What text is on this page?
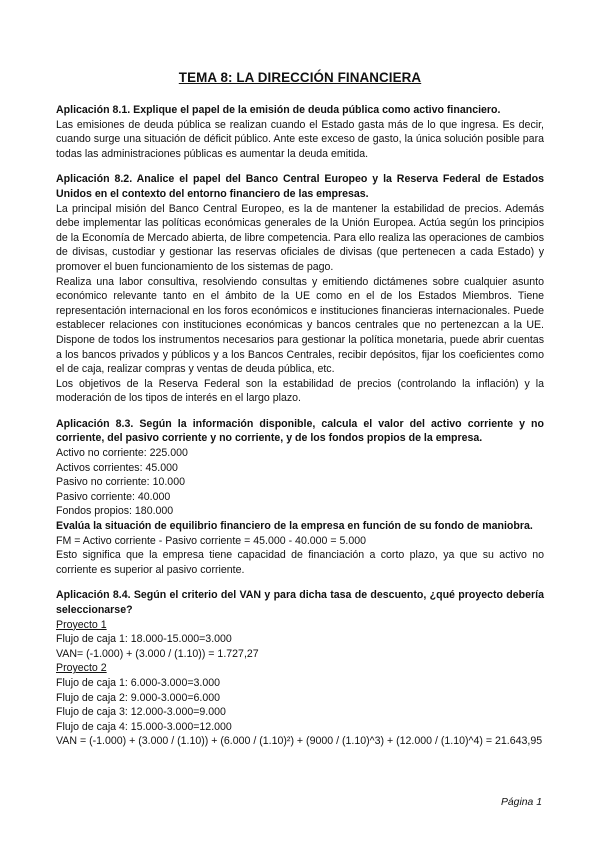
TEMA 8: LA DIRECCIÓN FINANCIERA

Aplicación 8.1. Explique el papel de la emisión de deuda pública como activo financiero.

Las emisiones de deuda pública se realizan cuando el Estado gasta más de lo que ingresa. Es decir, cuando surge una situación de déficit público. Ante este exceso de gasto, la única solución posible para todas las administraciones públicas es aumentar la deuda emitida.

Aplicación 8.2. Analice el papel del Banco Central Europeo y la Reserva Federal de Estados Unidos en el contexto del entorno financiero de las empresas.

La principal misión del Banco Central Europeo, es la de mantener la estabilidad de precios. Además debe implementar las políticas económicas generales de la Unión Europea. Actúa según los principios de la Economía de Mercado abierta, de libre competencia. Para ello realiza las operaciones de cambios de divisas, custodiar y gestionar las reservas oficiales de divisas (que pertenecen a cada Estado) y promover el buen funcionamiento de los sistemas de pago.

Realiza una labor consultiva, resolviendo consultas y emitiendo dictámenes sobre cualquier asunto económico relevante tanto en el ámbito de la UE como en el de los Estados Miembros. Tiene representación internacional en los foros económicos e instituciones financieras internacionales. Puede establecer relaciones con instituciones económicas y bancos centrales que no pertenezcan a la UE. Dispone de todos los instrumentos necesarios para gestionar la política monetaria, puede abrir cuentas a los bancos privados y públicos y a los Bancos Centrales, recibir depósitos, fijar los coeficientes como el de caja, realizar compras y ventas de deuda pública, etc.

Los objetivos de la Reserva Federal son la estabilidad de precios (controlando la inflación) y la moderación de los tipos de interés en el largo plazo.

Aplicación 8.3. Según la información disponible, calcula el valor del activo corriente y no corriente, del pasivo corriente y no corriente, y de los fondos propios de la empresa.

Activo no corriente: 225.000

Activos corrientes: 45.000

Pasivo no corriente: 10.000

Pasivo corriente: 40.000

Fondos propios: 180.000

Evalúa la situación de equilibrio financiero de la empresa en función de su fondo de maniobra.

FM = Activo corriente - Pasivo corriente = 45.000 - 40.000 = 5.000

Esto significa que la empresa tiene capacidad de financiación a corto plazo, ya que su activo no corriente es superior al pasivo corriente.

Aplicación 8.4. Según el criterio del VAN y para dicha tasa de descuento, ¿qué proyecto debería seleccionarse?

Proyecto 1

Flujo de caja 1: 18.000-15.000=3.000

VAN= (-1.000) + (3.000 / (1.10)) = 1.727,27

Proyecto 2

Flujo de caja 1: 6.000-3.000=3.000

Flujo de caja 2: 9.000-3.000=6.000

Flujo de caja 3: 12.000-3.000=9.000

Flujo de caja 4: 15.000-3.000=12.000

VAN = (-1.000) + (3.000 / (1.10)) + (6.000 / (1.10)²) + (9000 / (1.10)^3) + (12.000 / (1.10)^4) = 21.643,95

Página 1
